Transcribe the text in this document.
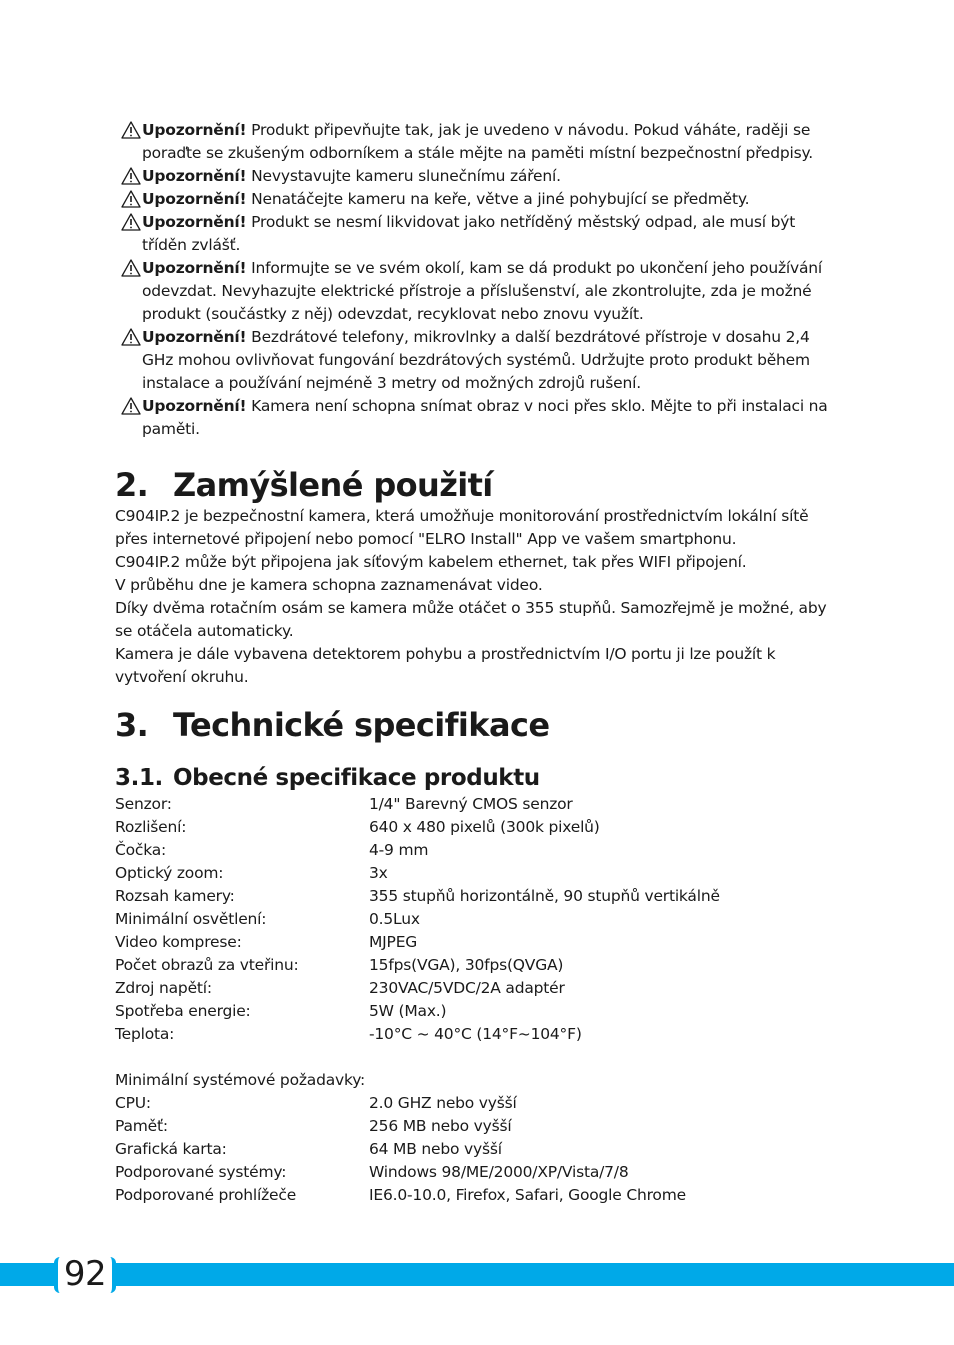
Upozornění! Produkt připevňujte tak, jak je uvedeno v návodu. Pokud váháte, raději se poraďte se zkušeným odborníkem a stále mějte na paměti místní bezpečnostní předpisy.
Upozornění! Nevystavujte kameru slunečnímu záření.
Upozornění! Nenatáčejte kameru na keře, větve a jiné pohybující se předměty.
Upozornění! Produkt se nesmí likvidovat jako netříděný městský odpad, ale musí být tříděn zvlášť.
Upozornění! Informujte se ve svém okolí, kam se dá produkt po ukončení jeho používání odevzdat. Nevyhazujte elektrické přístroje a příslušenství, ale zkontrolujte, zda je možné produkt (součástky z něj) odevzdat, recyklovat nebo znovu využít.
Upozornění! Bezdrátové telefony, mikrovlnky a další bezdrátové přístroje v dosahu 2,4 GHz mohou ovlivňovat fungování bezdrátových systémů. Udržujte proto produkt během instalace a používání nejméně 3 metry od možných zdrojů rušení.
Upozornění! Kamera není schopna snímat obraz v noci přes sklo. Mějte to při instalaci na paměti.
2. Zamýšlené použití
C904IP.2 je bezpečnostní kamera, která umožňuje monitorování prostřednictvím lokální sítě přes internetové připojení nebo pomocí "ELRO Install" App ve vašem smartphonu.
C904IP.2 může být připojena jak síťovým kabelem ethernet, tak přes WIFI připojení.
V průběhu dne je kamera schopna zaznamenávat video.
Díky dvěma rotačním osám se kamera může otáčet o 355 stupňů. Samozřejmě je možné, aby se otáčela automaticky.
Kamera je dále vybavena detektorem pohybu a prostřednictvím I/O portu ji lze použít k vytvoření okruhu.
3. Technické specifikace
3.1. Obecné specifikace produktu
Senzor:	1/4" Barevný CMOS senzor
Rozlišení:	640 x 480 pixelů (300k pixelů)
Čočka:	4-9 mm
Optický zoom:	3x
Rozsah kamery:	355 stupňů horizontálně, 90 stupňů vertikálně
Minimální osvětlení:	0.5Lux
Video komprese:	MJPEG
Počet obrazů za vteřinu:	15fps(VGA), 30fps(QVGA)
Zdroj napětí:	230VAC/5VDC/2A adaptér
Spotřeba energie:	5W (Max.)
Teplota:	-10°C ~ 40°C (14°F~104°F)
Minimální systémové požadavky:
CPU:	2.0 GHZ nebo vyšší
Paměť:	256 MB nebo vyšší
Grafická karta:	64 MB nebo vyšší
Podporované systémy:	Windows 98/ME/2000/XP/Vista/7/8
Podporované prohlížeče	IE6.0-10.0, Firefox, Safari, Google Chrome
92
